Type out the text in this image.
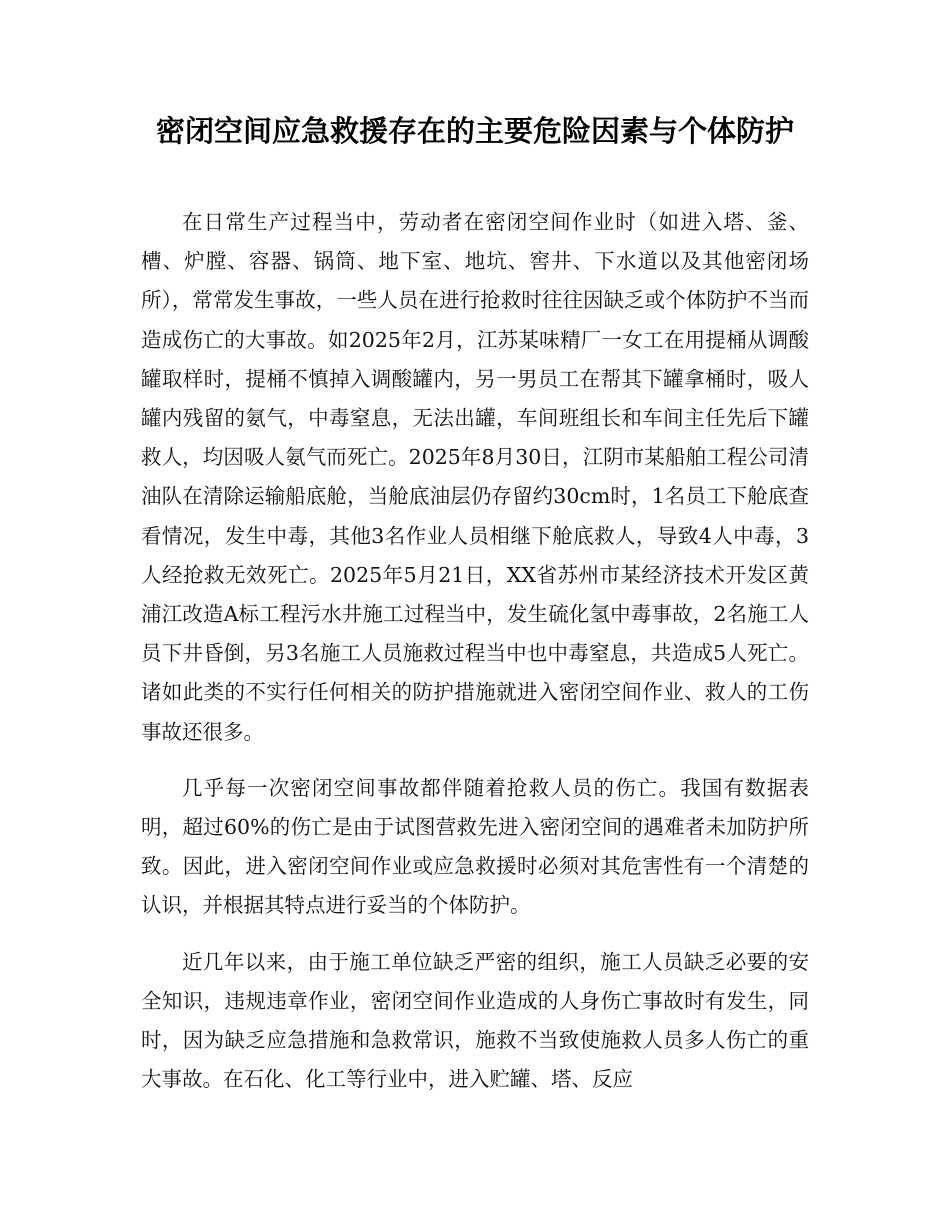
密闭空间应急救援存在的主要危险因素与个体防护

在日常生产过程当中，劳动者在密闭空间作业时（如进入塔、釜、槽、炉膛、容器、锅筒、地下室、地坑、窖井、下水道以及其他密闭场所），常常发生事故，一些人员在进行抢救时往往因缺乏或个体防护不当而造成伤亡的大事故。如2025年2月，江苏某味精厂一女工在用提桶从调酸罐取样时，提桶不慎掉入调酸罐内，另一男员工在帮其下罐拿桶时，吸人罐内残留的氨气，中毒窒息，无法出罐，车间班组长和车间主任先后下罐救人，均因吸人氨气而死亡。2025年8月30日，江阴市某船舶工程公司清油队在清除运输船底舱，当舱底油层仍存留约30cm时，1名员工下舱底查看情况，发生中毒，其他3名作业人员相继下舱底救人，导致4人中毒，3人经抢救无效死亡。2025年5月21日，XX省苏州市某经济技术开发区黄浦江改造A标工程污水井施工过程当中，发生硫化氢中毒事故，2名施工人员下井昏倒，另3名施工人员施救过程当中也中毒窒息，共造成5人死亡。诸如此类的不实行任何相关的防护措施就进入密闭空间作业、救人的工伤事故还很多。

几乎每一次密闭空间事故都伴随着抢救人员的伤亡。我国有数据表明，超过60%的伤亡是由于试图营救先进入密闭空间的遇难者未加防护所致。因此，进入密闭空间作业或应急救援时必须对其危害性有一个清楚的认识，并根据其特点进行妥当的个体防护。

近几年以来，由于施工单位缺乏严密的组织，施工人员缺乏必要的安全知识，违规违章作业，密闭空间作业造成的人身伤亡事故时有发生，同时，因为缺乏应急措施和急救常识，施救不当致使施救人员多人伤亡的重大事故。在石化、化工等行业中，进入贮罐、塔、反应
